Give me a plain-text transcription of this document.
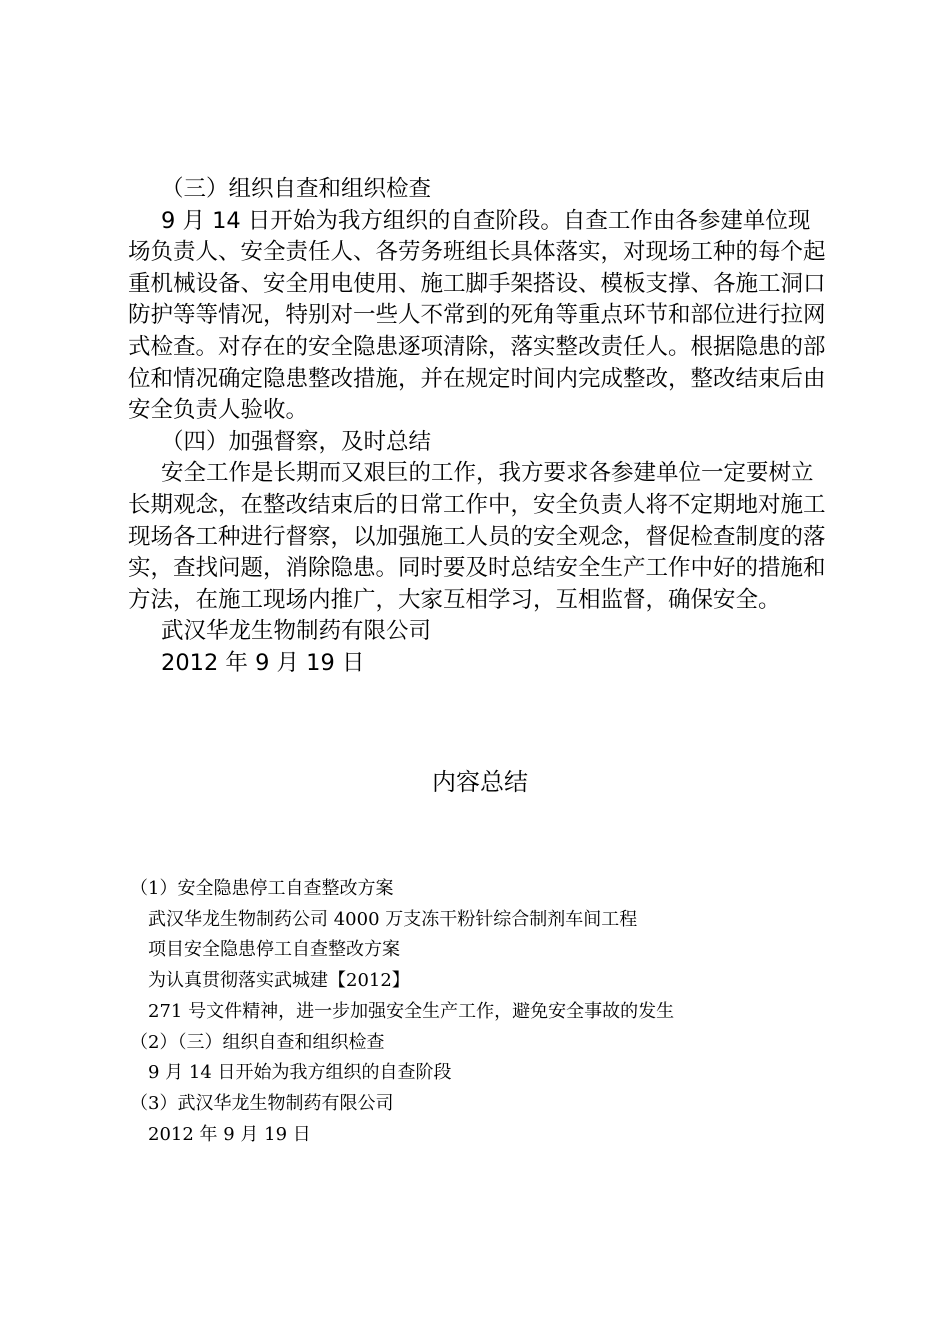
（三）组织自查和组织检查

9 月 14 日开始为我方组织的自查阶段。自查工作由各参建单位现场负责人、安全责任人、各劳务班组长具体落实，对现场工种的每个起重机械设备、安全用电使用、施工脚手架搭设、模板支撑、各施工洞口防护等等情况，特别对一些人不常到的死角等重点环节和部位进行拉网式检查。对存在的安全隐患逐项清除，落实整改责任人。根据隐患的部位和情况确定隐患整改措施，并在规定时间内完成整改，整改结束后由安全负责人验收。

（四）加强督察，及时总结

安全工作是长期而又艰巨的工作，我方要求各参建单位一定要树立长期观念，在整改结束后的日常工作中，安全负责人将不定期地对施工现场各工种进行督察，以加强施工人员的安全观念，督促检查制度的落实，查找问题，消除隐患。同时要及时总结安全生产工作中好的措施和方法，在施工现场内推广，大家互相学习，互相监督，确保安全。

武汉华龙生物制药有限公司

2012 年 9 月 19 日

内容总结
（1）安全隐患停工自查整改方案
武汉华龙生物制药公司 4000 万支冻干粉针综合制剂车间工程
项目安全隐患停工自查整改方案
为认真贯彻落实武城建【2012】
271 号文件精神，进一步加强安全生产工作，避免安全事故的发生
（2）（三）组织自查和组织检查
9 月 14 日开始为我方组织的自查阶段
（3）武汉华龙生物制药有限公司
2012 年 9 月 19 日
